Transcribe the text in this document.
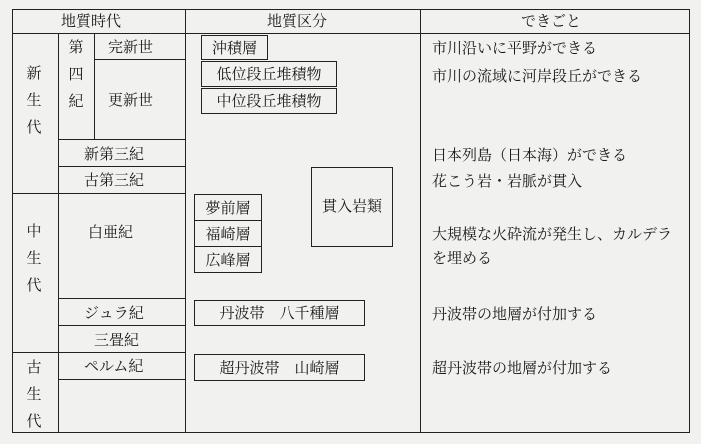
地質時代	地質区分	できごと
新
生
代
中
生
代
古
生
代
第
四
紀
完新世
更新世
新第三紀
古第三紀
白亜紀
ジュラ紀
三畳紀
ペルム紀
沖積層
低位段丘堆積物
中位段丘堆積物
夢前層
福崎層
広峰層
貫入岩類
丹波帯　八千種層
超丹波帯　山崎層
市川沿いに平野ができる
市川の流域に河岸段丘ができる
日本列島（日本海）ができる
花こう岩・岩脈が貫入
大規模な火砕流が発生し、カルデラを埋める
丹波帯の地層が付加する
超丹波帯の地層が付加する
